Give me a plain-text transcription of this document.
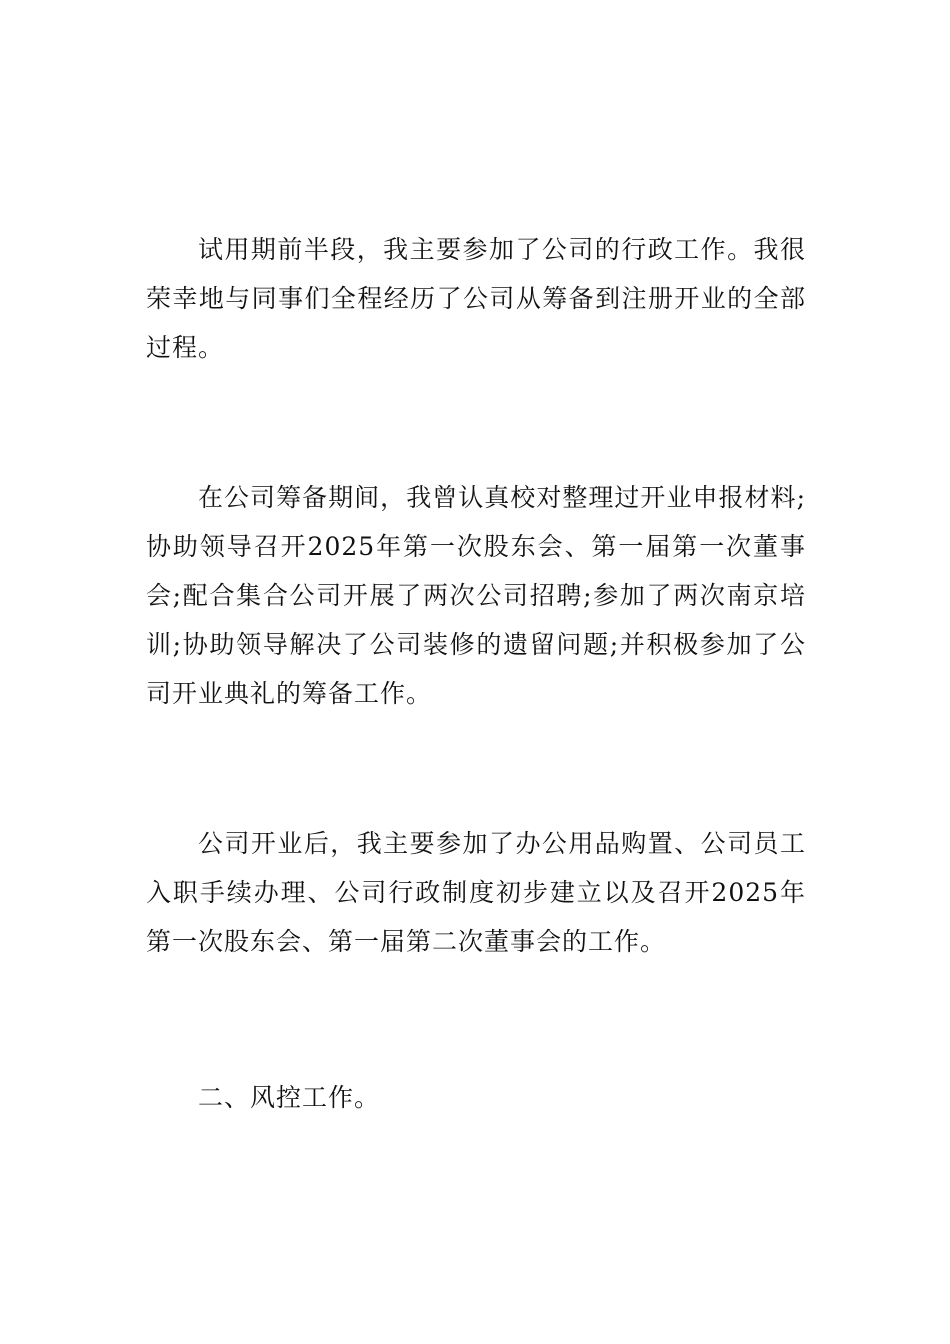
试用期前半段，我主要参加了公司的行政工作。我很荣幸地与同事们全程经历了公司从筹备到注册开业的全部过程。

在公司筹备期间，我曾认真校对整理过开业申报材料;协助领导召开2025年第一次股东会、第一届第一次董事会;配合集合公司开展了两次公司招聘;参加了两次南京培训;协助领导解决了公司装修的遗留问题;并积极参加了公司开业典礼的筹备工作。

公司开业后，我主要参加了办公用品购置、公司员工入职手续办理、公司行政制度初步建立以及召开2025年第一次股东会、第一届第二次董事会的工作。

二、风控工作。
